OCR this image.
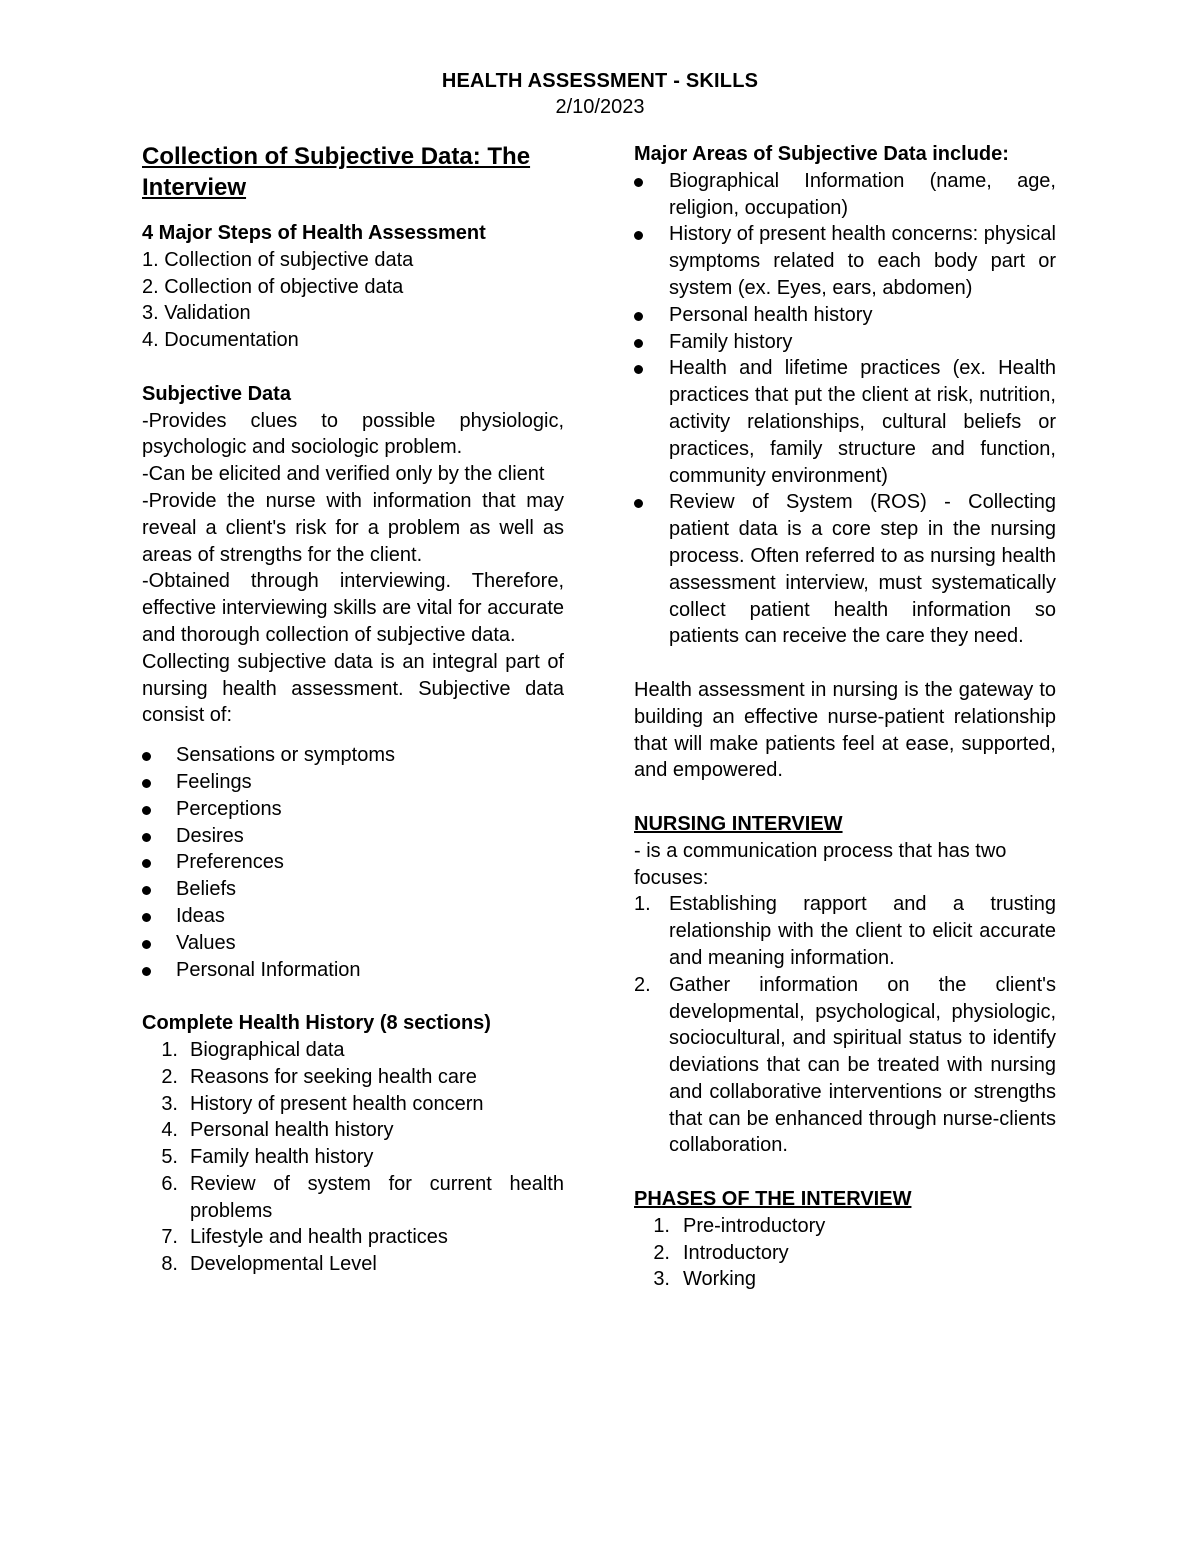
HEALTH ASSESSMENT - SKILLS
2/10/2023
Collection of Subjective Data: The Interview

4 Major Steps of Health Assessment

1. Collection of subjective data

2. Collection of objective data

3. Validation

4. Documentation

Subjective Data

-Provides clues to possible physiologic, psychologic and sociologic problem.

-Can be elicited and verified only by the client

-Provide the nurse with information that may reveal a client's risk for a problem as well as areas of strengths for the client.

-Obtained through interviewing. Therefore, effective interviewing skills are vital for accurate and thorough collection of subjective data.

Collecting subjective data is an integral part of nursing health assessment. Subjective data consist of:

Sensations or symptoms
Feelings
Perceptions
Desires
Preferences
Beliefs
Ideas
Values
Personal Information

Complete Health History (8 sections)

1. Biographical data
2. Reasons for seeking health care
3. History of present health concern
4. Personal health history
5. Family health history
6. Review of system for current health problems
7. Lifestyle and health practices
8. Developmental Level

Major Areas of Subjective Data include:

Biographical Information (name, age, religion, occupation)
History of present health concerns: physical symptoms related to each body part or system (ex. Eyes, ears, abdomen)
Personal health history
Family history
Health and lifetime practices (ex. Health practices that put the client at risk, nutrition, activity relationships, cultural beliefs or practices, family structure and function, community environment)
Review of System (ROS) - Collecting patient data is a core step in the nursing process. Often referred to as nursing health assessment interview, must systematically collect patient health information so patients can receive the care they need.

Health assessment in nursing is the gateway to building an effective nurse-patient relationship that will make patients feel at ease, supported, and empowered.

NURSING INTERVIEW

- is a communication process that has two focuses:

1. Establishing rapport and a trusting relationship with the client to elicit accurate and meaning information.
2. Gather information on the client's developmental, psychological, physiologic, sociocultural, and spiritual status to identify deviations that can be treated with nursing and collaborative interventions or strengths that can be enhanced through nurse-clients collaboration.

PHASES OF THE INTERVIEW

1. Pre-introductory
2. Introductory
3. Working
